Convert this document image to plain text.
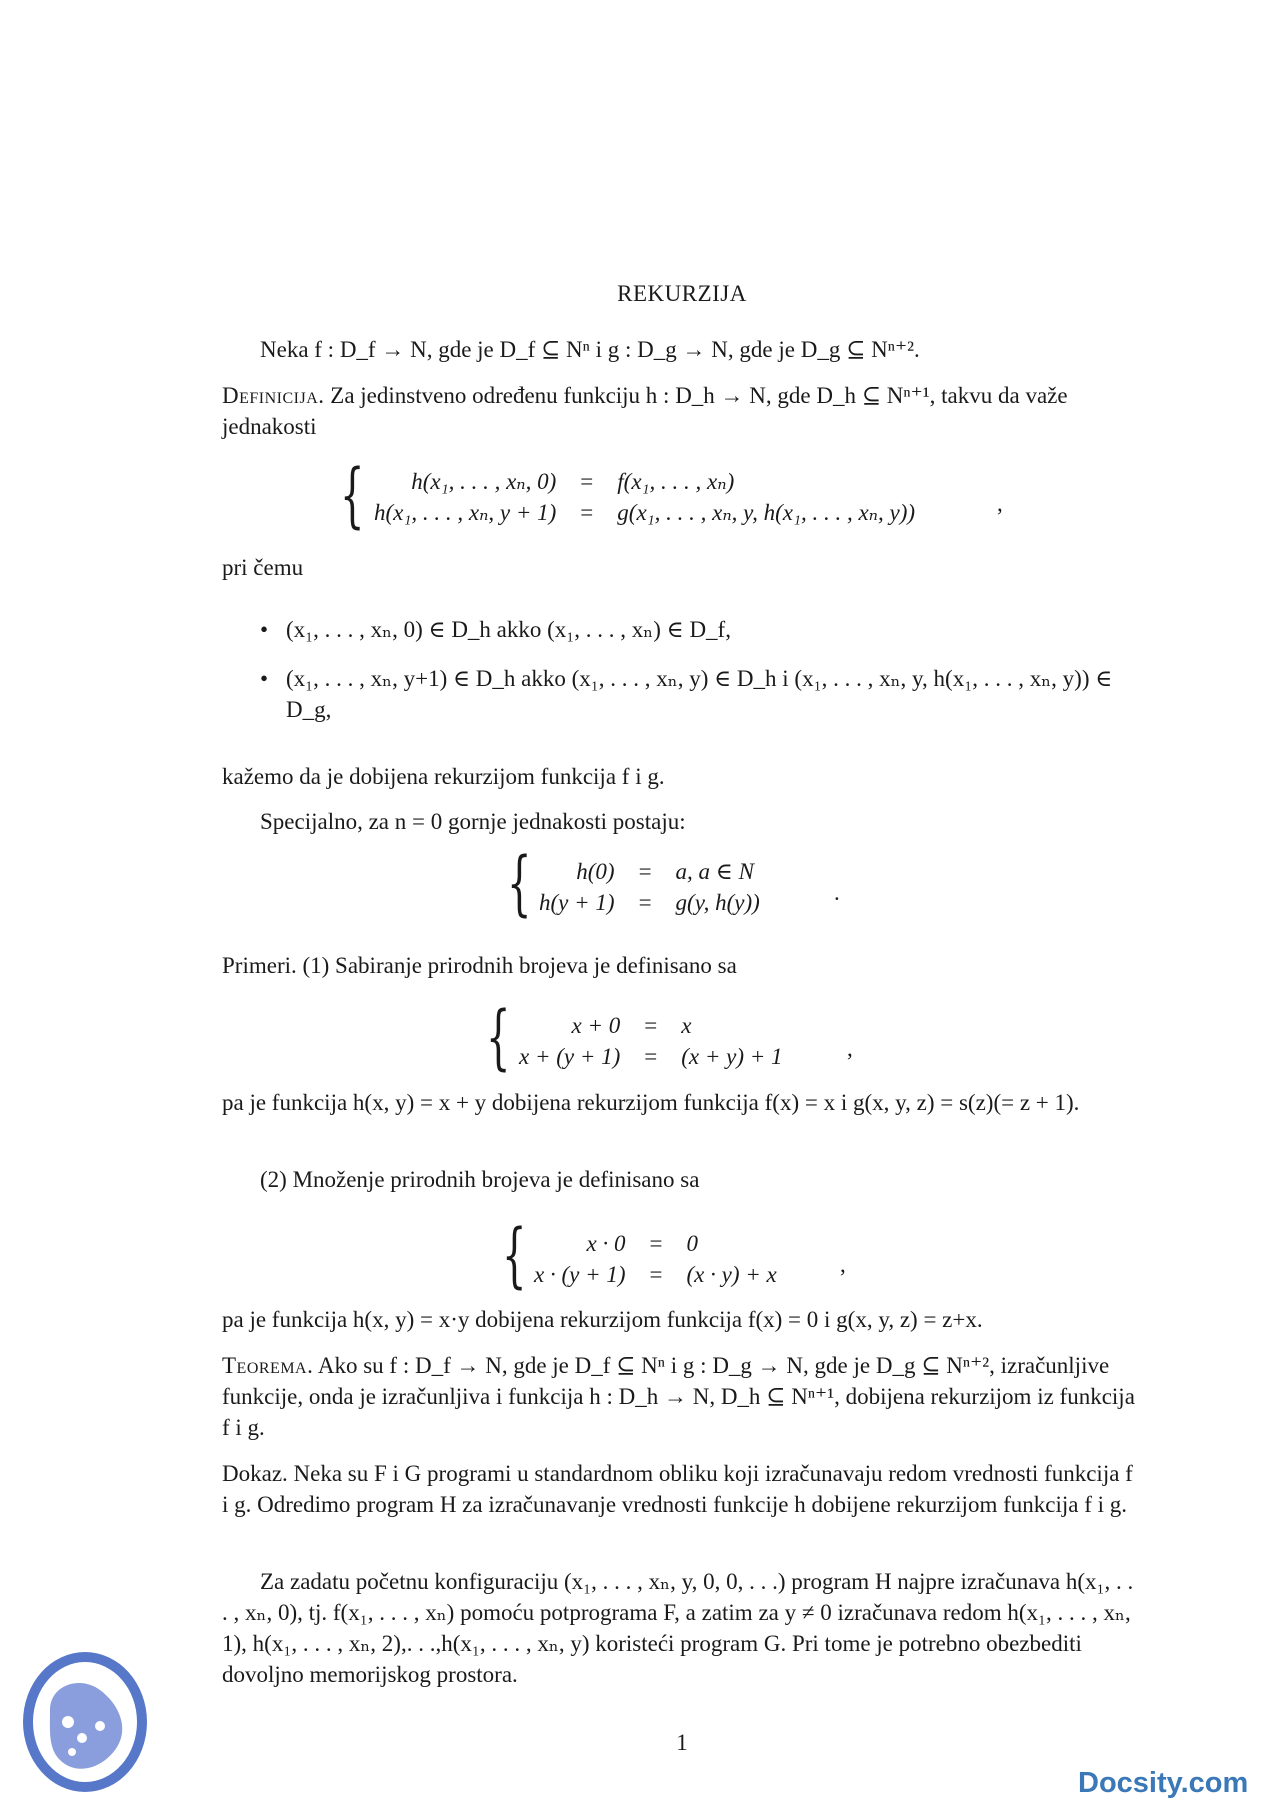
REKURZIJA
Neka f : D_f → N, gde je D_f ⊆ Nⁿ i g : D_g → N, gde je D_g ⊆ Nⁿ⁺².
Definicija. Za jedinstveno određenu funkciju h : D_h → N, gde D_h ⊆ Nⁿ⁺¹, takvu da važe jednakosti
{ h(x₁, . . . , xₙ, 0)	=	f(x₁, . . . , xₙ)
h(x₁, . . . , xₙ, y + 1)	=	g(x₁, . . . , xₙ, y, h(x₁, . . . , xₙ, y))	,
pri čemu
• (x₁, . . . , xₙ, 0) ∈ D_h akko (x₁, . . . , xₙ) ∈ D_f,
• (x₁, . . . , xₙ, y+1) ∈ D_h akko (x₁, . . . , xₙ, y) ∈ D_h i (x₁, . . . , xₙ, y, h(x₁, . . . , xₙ, y)) ∈ D_g,
kažemo da je dobijena rekurzijom funkcija f i g.
Specijalno, za n = 0 gornje jednakosti postaju:
{ h(0)	=	a, a ∈ N
h(y + 1)	=	g(y, h(y))	.
Primeri. (1) Sabiranje prirodnih brojeva je definisano sa
{	x + 0	=	x
x + (y + 1)	=	(x + y) + 1	,
pa je funkcija h(x, y) = x + y dobijena rekurzijom funkcija f(x) = x i g(x, y, z) = s(z)(= z + 1).
(2) Množenje prirodnih brojeva je definisano sa
{	x · 0	=	0
x · (y + 1)	=	(x · y) + x	,
pa je funkcija h(x, y) = x·y dobijena rekurzijom funkcija f(x) = 0 i g(x, y, z) = z+x.
Teorema. Ako su f : D_f → N, gde je D_f ⊆ Nⁿ i g : D_g → N, gde je D_g ⊆ Nⁿ⁺², izračunljive funkcije, onda je izračunljiva i funkcija h : D_h → N, D_h ⊆ Nⁿ⁺¹, dobijena rekurzijom iz funkcija f i g.
Dokaz. Neka su F i G programi u standardnom obliku koji izračunavaju redom vrednosti funkcija f i g. Odredimo program H za izračunavanje vrednosti funkcije h dobijene rekurzijom funkcija f i g.
Za zadatu početnu konfiguraciju (x₁, . . . , xₙ, y, 0, 0, . . .) program H najpre izračunava h(x₁, . . . , xₙ, 0), tj. f(x₁, . . . , xₙ) pomoću potprograma F, a zatim za y ≠ 0 izračunava redom h(x₁, . . . , xₙ, 1), h(x₁, . . . , xₙ, 2),. . .,h(x₁, . . . , xₙ, y) koristeći program G. Pri tome je potrebno obezbediti dovoljno memorijskog prostora.
1
Docsity.com
